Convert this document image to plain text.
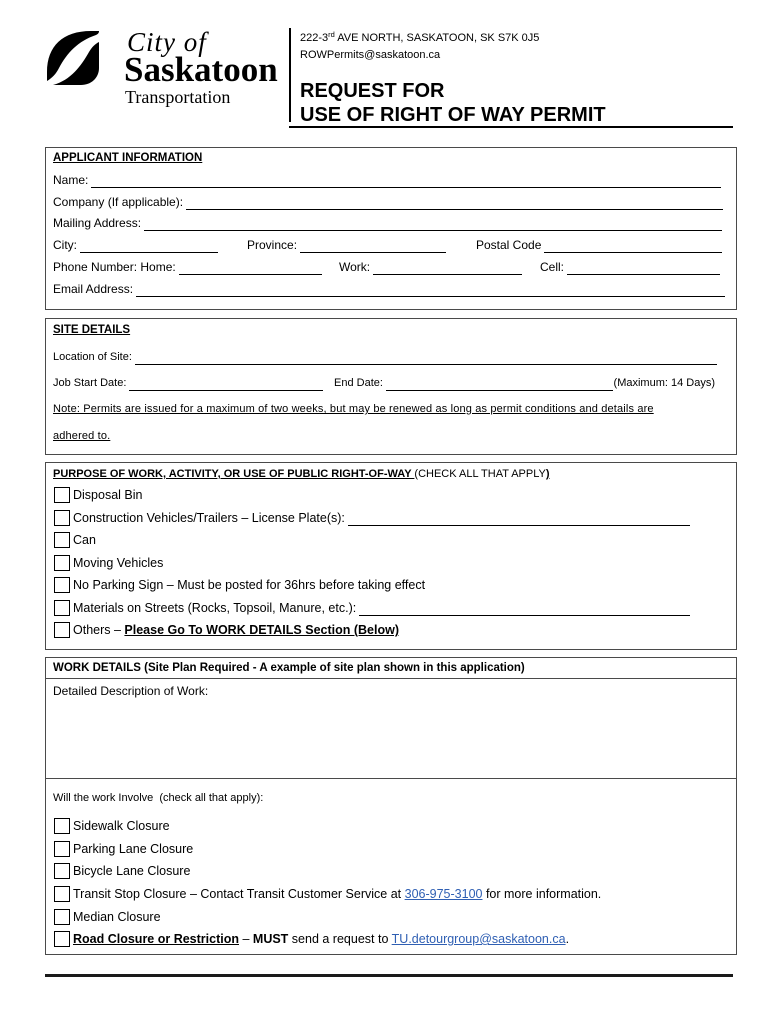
City of
Saskatoon
Transportation
222-3rd AVE NORTH, SASKATOON, SK S7K 0J5
ROWPermits@saskatoon.ca
REQUEST FOR
USE OF RIGHT OF WAY PERMIT
APPLICANT INFORMATION
Name:
Company (If applicable):
Mailing Address:
City:	Province:	Postal Code
Phone Number: Home:	Work:	Cell:
Email Address:
SITE DETAILS
Location of Site:
Job Start Date:	End Date:	(Maximum: 14 Days)
Note: Permits are issued for a maximum of two weeks, but may be renewed as long as permit conditions and details are
adhered to.
PURPOSE OF WORK, ACTIVITY, OR USE OF PUBLIC RIGHT-OF-WAY (CHECK ALL THAT APPLY)
Disposal Bin
Construction Vehicles/Trailers – License Plate(s):
Can
Moving Vehicles
No Parking Sign – Must be posted for 36hrs before taking effect
Materials on Streets (Rocks, Topsoil, Manure, etc.):
Others – Please Go To WORK DETAILS Section (Below)
WORK DETAILS (Site Plan Required - A example of site plan shown in this application)
Detailed Description of Work:
Will the work Involve  (check all that apply):
Sidewalk Closure
Parking Lane Closure
Bicycle Lane Closure
Transit Stop Closure – Contact Transit Customer Service at 306-975-3100 for more information.
Median Closure
Road Closure or Restriction – MUST send a request to TU.detourgroup@saskatoon.ca.
